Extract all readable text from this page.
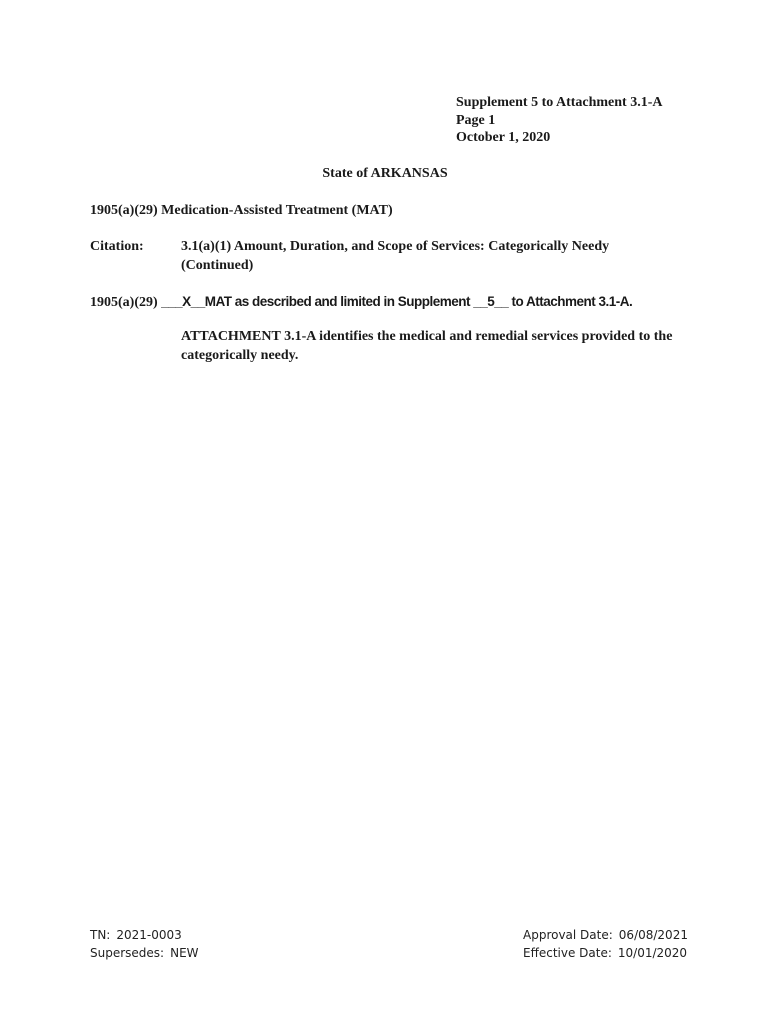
Supplement 5 to Attachment 3.1-A
Page 1
October 1, 2020
State of ARKANSAS
1905(a)(29) Medication-Assisted Treatment (MAT)
Citation:	3.1(a)(1) Amount, Duration, and Scope of Services: Categorically Needy (Continued)
1905(a)(29) ___X__MAT as described and limited in Supplement __5__ to Attachment 3.1-A.
ATTACHMENT 3.1-A identifies the medical and remedial services provided to the categorically needy.
TN: 2021-0003
Supersedes: NEW
Approval Date: 06/08/2021
Effective Date: 10/01/2020
